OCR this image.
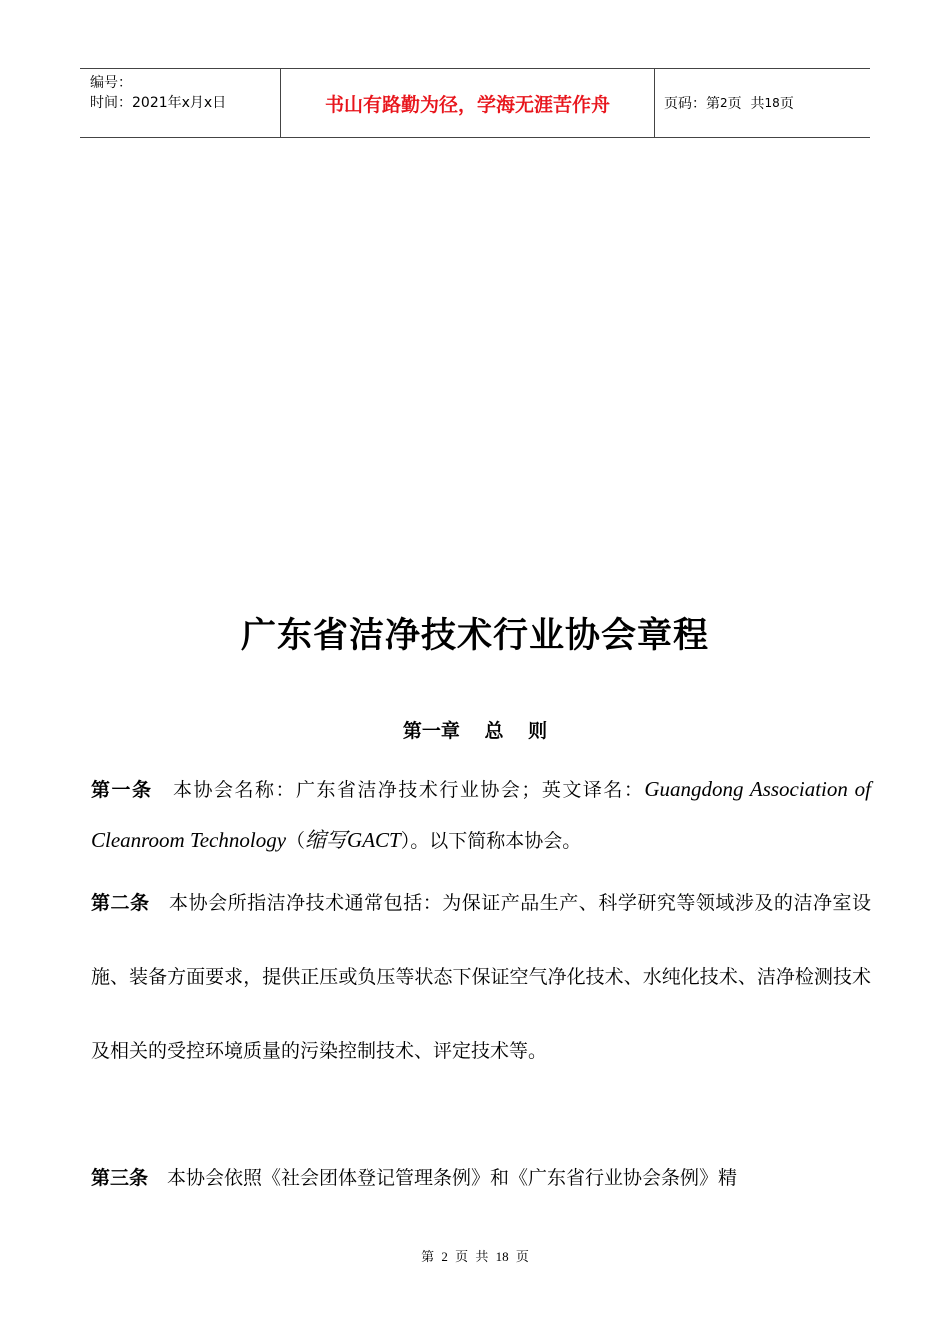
编号：
时间：2021年x月x日	书山有路勤为径，学海无涯苦作舟	页码：第 2 页  共 18 页
广东省洁净技术行业协会章程
第一章 总 则
第一条　本协会名称：广东省洁净技术行业协会；英文译名：Guangdong Association of Cleanroom Technology（缩写GACT）。以下简称本协会。
第二条　本协会所指洁净技术通常包括：为保证产品生产、科学研究等领域涉及的洁净室设施、装备方面要求，提供正压或负压等状态下保证空气净化技术、水纯化技术、洁净检测技术及相关的受控环境质量的污染控制技术、评定技术等。
第三条　本协会依照《社会团体登记管理条例》和《广东省行业协会条例》精
第 2 页 共 18 页
